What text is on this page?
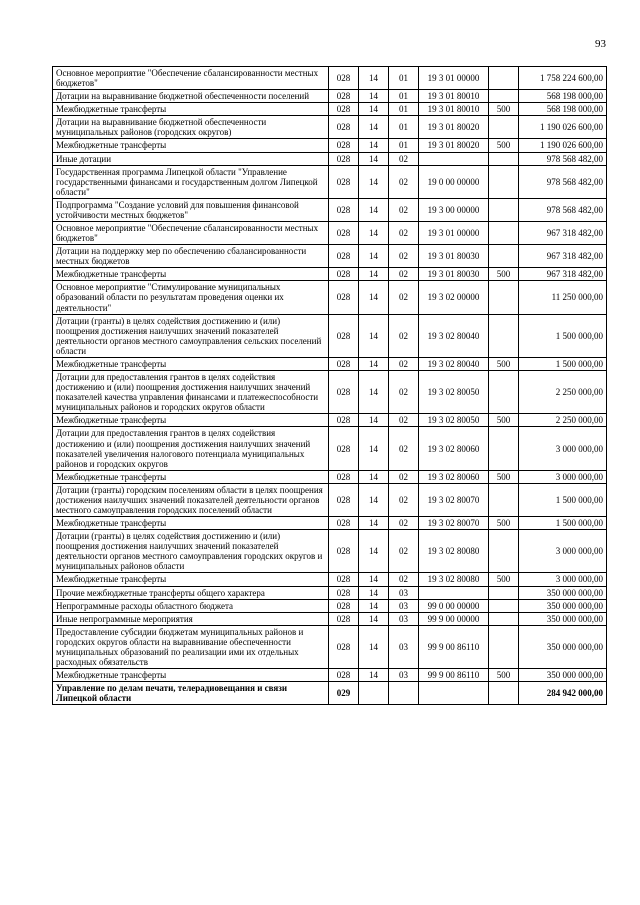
93
Основное мероприятие "Обеспечение сбалансированности местных бюджетов"	028	14	01	19 3 01 00000		1 758 224 600,00
Дотации на выравнивание бюджетной обеспеченности поселений	028	14	01	19 3 01 80010		568 198 000,00
Межбюджетные трансферты	028	14	01	19 3 01 80010	500	568 198 000,00
Дотации на выравнивание бюджетной обеспеченности муниципальных районов (городских округов)	028	14	01	19 3 01 80020		1 190 026 600,00
Межбюджетные трансферты	028	14	01	19 3 01 80020	500	1 190 026 600,00
Иные дотации	028	14	02			978 568 482,00
Государственная программа Липецкой области "Управление государственными финансами и государственным долгом Липецкой области"	028	14	02	19 0 00 00000		978 568 482,00
Подпрограмма "Создание условий для повышения финансовой устойчивости местных бюджетов"	028	14	02	19 3 00 00000		978 568 482,00
Основное мероприятие "Обеспечение сбалансированности местных бюджетов"	028	14	02	19 3 01 00000		967 318 482,00
Дотации на поддержку мер по обеспечению сбалансированности местных бюджетов	028	14	02	19 3 01 80030		967 318 482,00
Межбюджетные трансферты	028	14	02	19 3 01 80030	500	967 318 482,00
Основное мероприятие "Стимулирование муниципальных образований области по результатам проведения оценки их деятельности"	028	14	02	19 3 02 00000		11 250 000,00
Дотации (гранты) в целях содействия достижению и (или) поощрения достижения наилучших значений показателей деятельности органов местного самоуправления сельских поселений области	028	14	02	19 3 02 80040		1 500 000,00
Межбюджетные трансферты	028	14	02	19 3 02 80040	500	1 500 000,00
Дотации для предоставления грантов в целях содействия достижению и (или) поощрения достижения наилучших значений показателей качества управления финансами и платежеспособности муниципальных районов и городских округов области	028	14	02	19 3 02 80050		2 250 000,00
Межбюджетные трансферты	028	14	02	19 3 02 80050	500	2 250 000,00
Дотации для предоставления грантов в целях содействия достижению и (или) поощрения достижения наилучших значений показателей увеличения налогового потенциала муниципальных районов и городских округов	028	14	02	19 3 02 80060		3 000 000,00
Межбюджетные трансферты	028	14	02	19 3 02 80060	500	3 000 000,00
Дотации (гранты) городским поселениям области в целях поощрения достижения наилучших значений показателей деятельности органов местного самоуправления городских поселений области	028	14	02	19 3 02 80070		1 500 000,00
Межбюджетные трансферты	028	14	02	19 3 02 80070	500	1 500 000,00
Дотации (гранты) в целях содействия достижению и (или) поощрения достижения наилучших значений показателей деятельности органов местного самоуправления городских округов и муниципальных районов области	028	14	02	19 3 02 80080		3 000 000,00
Межбюджетные трансферты	028	14	02	19 3 02 80080	500	3 000 000,00
Прочие межбюджетные трансферты общего характера	028	14	03			350 000 000,00
Непрограммные расходы областного бюджета	028	14	03	99 0 00 00000		350 000 000,00
Иные непрограммные мероприятия	028	14	03	99 9 00 00000		350 000 000,00
Предоставление субсидии бюджетам муниципальных районов и городских округов области на выравнивание обеспеченности муниципальных образований по реализации ими их отдельных расходных обязательств	028	14	03	99 9 00 86110		350 000 000,00
Межбюджетные трансферты	028	14	03	99 9 00 86110	500	350 000 000,00
Управление по делам печати, телерадиовещания и связи Липецкой области	029					284 942 000,00
